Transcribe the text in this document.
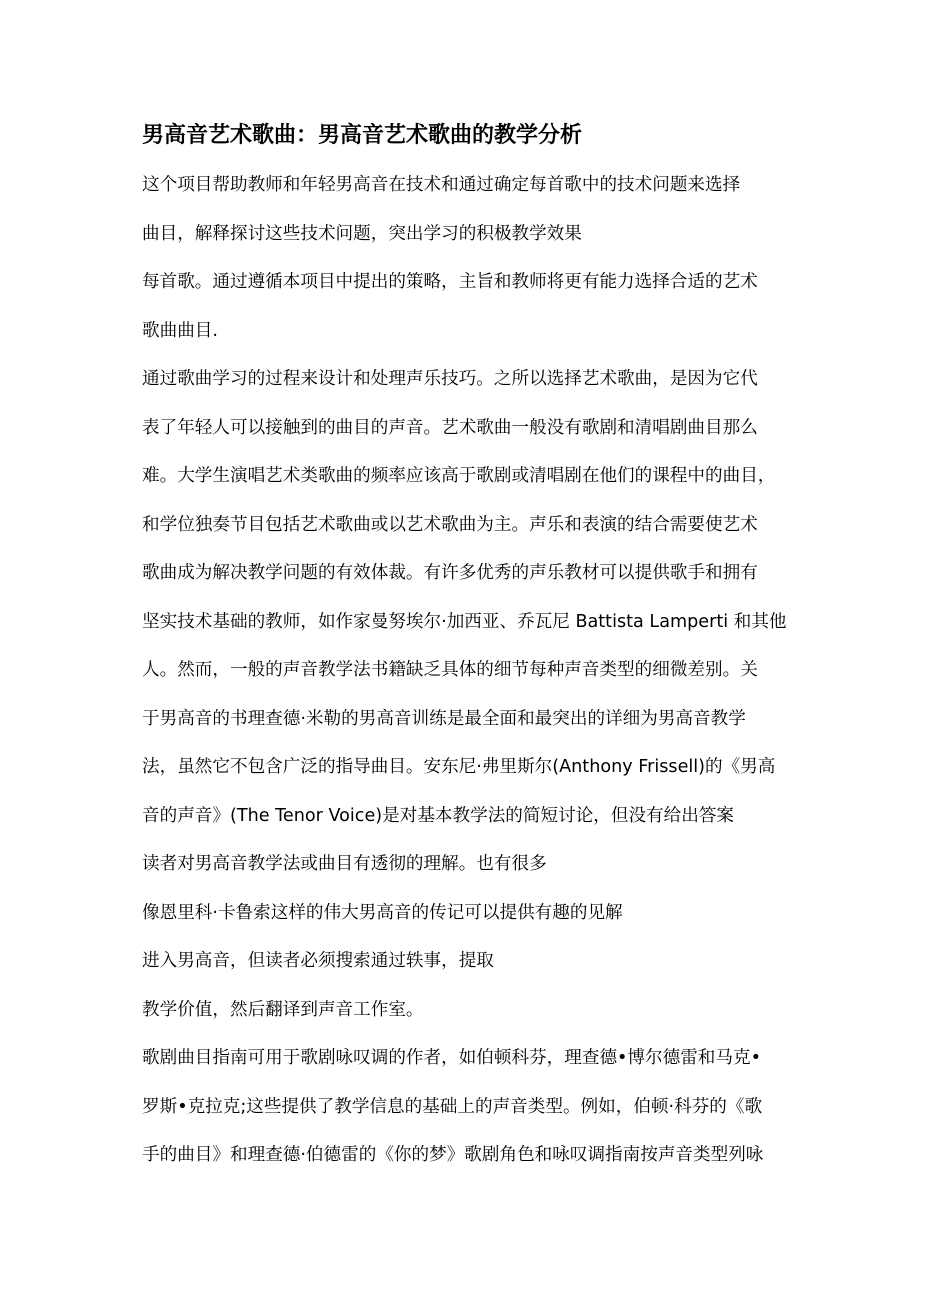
男高音艺术歌曲：男高音艺术歌曲的教学分析

这个项目帮助教师和年轻男高音在技术和通过确定每首歌中的技术问题来选择

曲目，解释探讨这些技术问题，突出学习的积极教学效果

每首歌。通过遵循本项目中提出的策略，主旨和教师将更有能力选择合适的艺术

歌曲曲目.

通过歌曲学习的过程来设计和处理声乐技巧。之所以选择艺术歌曲，是因为它代

表了年轻人可以接触到的曲目的声音。艺术歌曲一般没有歌剧和清唱剧曲目那么

难。大学生演唱艺术类歌曲的频率应该高于歌剧或清唱剧在他们的课程中的曲目，

和学位独奏节目包括艺术歌曲或以艺术歌曲为主。声乐和表演的结合需要使艺术

歌曲成为解决教学问题的有效体裁。有许多优秀的声乐教材可以提供歌手和拥有

坚实技术基础的教师，如作家曼努埃尔·加西亚、乔瓦尼 Battista Lamperti 和其他

人。然而，一般的声音教学法书籍缺乏具体的细节每种声音类型的细微差别。关

于男高音的书理查德·米勒的男高音训练是最全面和最突出的详细为男高音教学

法，虽然它不包含广泛的指导曲目。安东尼·弗里斯尔(Anthony Frissell)的《男高

音的声音》(The Tenor Voice)是对基本教学法的简短讨论，但没有给出答案

读者对男高音教学法或曲目有透彻的理解。也有很多

像恩里科·卡鲁索这样的伟大男高音的传记可以提供有趣的见解

进入男高音，但读者必须搜索通过轶事，提取

教学价值，然后翻译到声音工作室。

歌剧曲目指南可用于歌剧咏叹调的作者，如伯顿科芬，理查德•博尔德雷和马克•

罗斯•克拉克;这些提供了教学信息的基础上的声音类型。例如，伯顿·科芬的《歌

手的曲目》和理查德·伯德雷的《你的梦》歌剧角色和咏叹调指南按声音类型列咏
